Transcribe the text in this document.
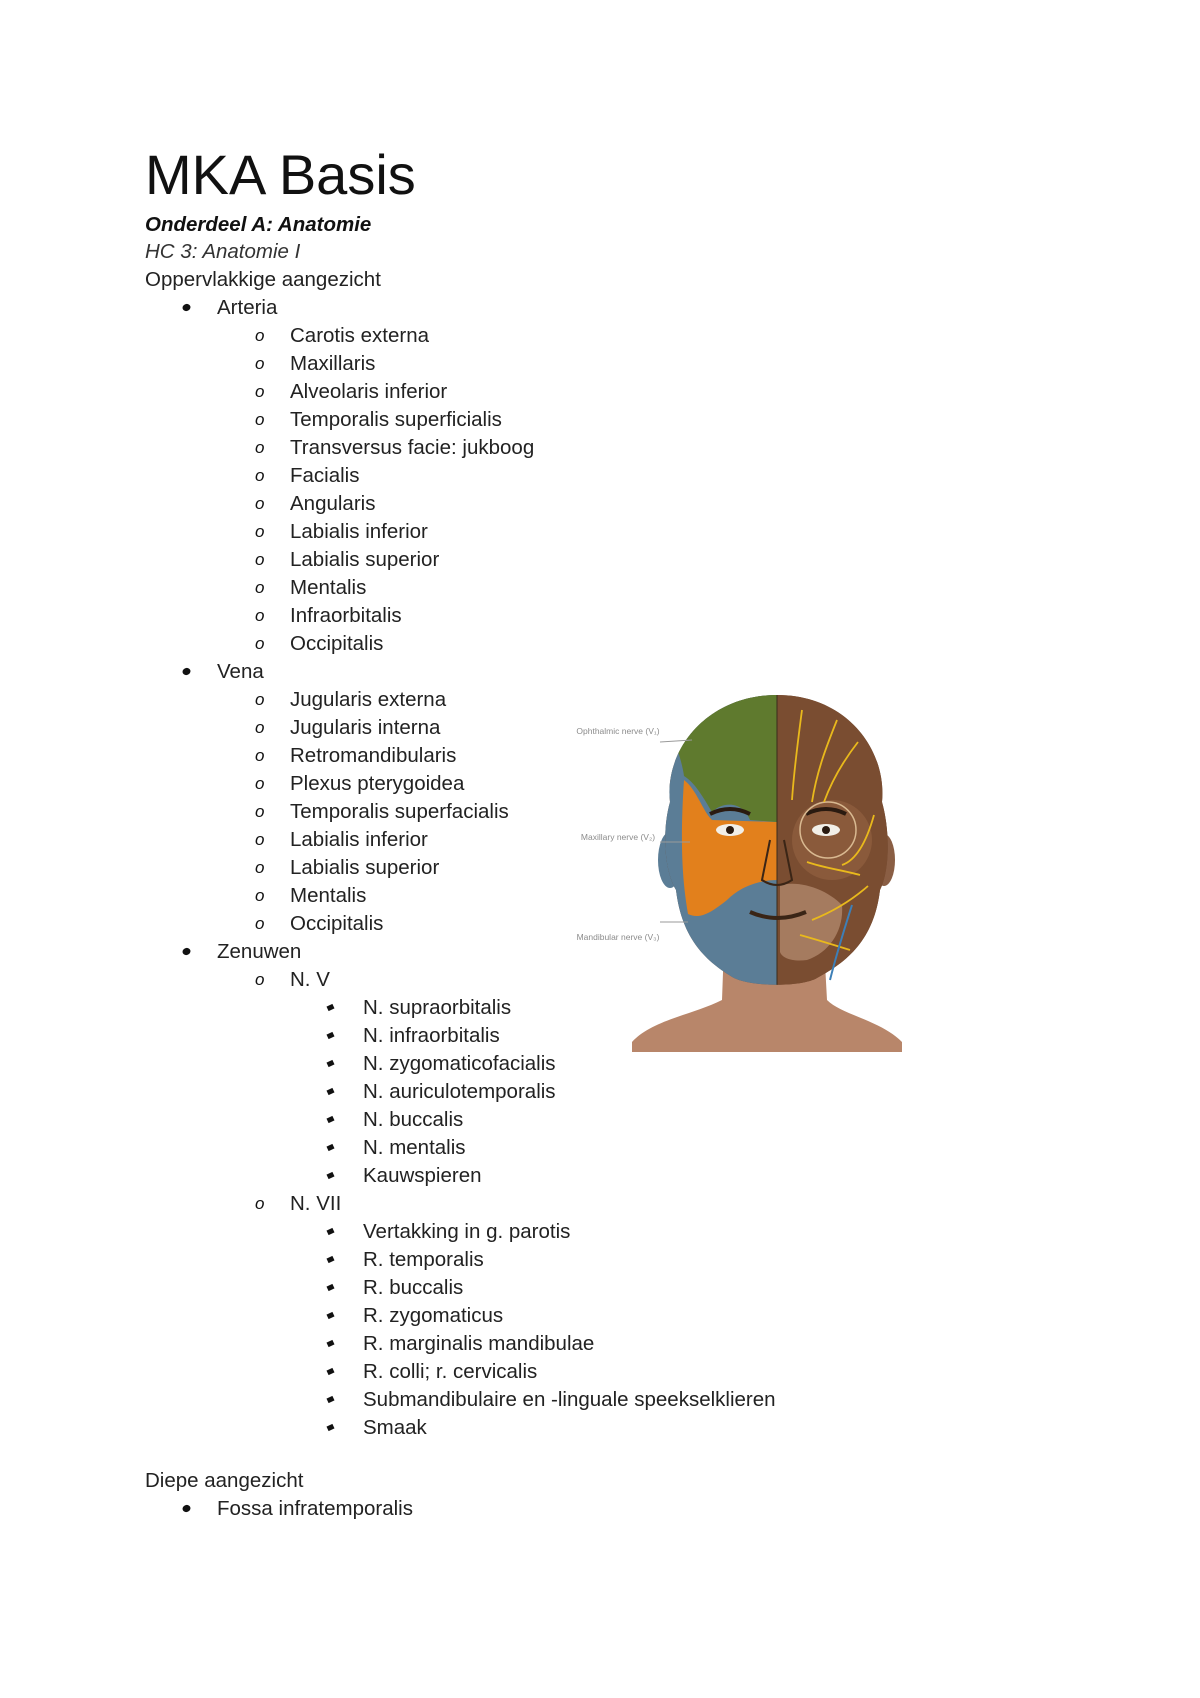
MKA Basis
Onderdeel A: Anatomie
HC 3: Anatomie I
Oppervlakkige aangezicht
Arteria
Carotis externa
o
Maxillaris
o
Alveolaris inferior
o
Temporalis superficialis
o
Transversus facie: jukboog
o
Facialis
o
Angularis
o
Labialis inferior
o
Labialis superior
o
Mentalis
o
Infraorbitalis
o
Occipitalis
o
Vena
Jugularis externa
o
Jugularis interna
o
Retromandibularis
o
Plexus pterygoidea
o
Temporalis superfacialis
o
Labialis inferior
o
Labialis superior
o
Mentalis
o
Occipitalis
o
Zenuwen
N. V
o
N. supraorbitalis
N. infraorbitalis
N. zygomaticofacialis
N. auriculotemporalis
N. buccalis
N. mentalis
Kauwspieren
N. VII
o
Vertakking in g. parotis
R. temporalis
R. buccalis
R. zygomaticus
R. marginalis mandibulae
R. colli; r. cervicalis
Submandibulaire en -linguale speekselklieren
Smaak
Diepe aangezicht
Fossa infratemporalis
Ophthalmic nerve (V₁)
Maxillary nerve (V₂)
Mandibular nerve (V₃)
